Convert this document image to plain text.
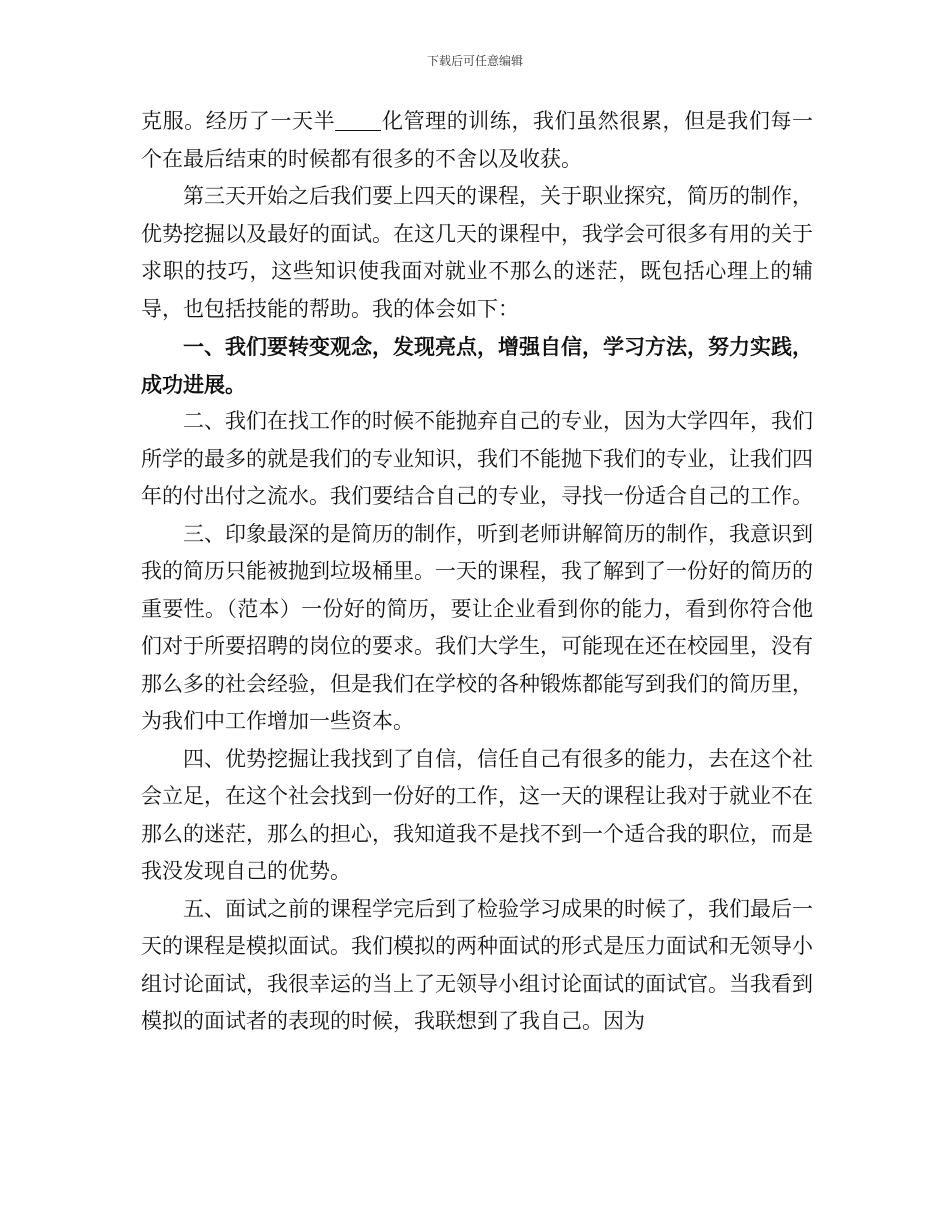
下载后可任意编辑

克服。经历了一天半 化管理的训练，我们虽然很累，但是我们每一个在最后结束的时候都有很多的不舍以及收获。

第三天开始之后我们要上四天的课程，关于职业探究，简历的制作，优势挖掘以及最好的面试。在这几天的课程中，我学会可很多有用的关于求职的技巧，这些知识使我面对就业不那么的迷茫，既包括心理上的辅导，也包括技能的帮助。我的体会如下：

一、我们要转变观念，发现亮点，增强自信，学习方法，努力实践，成功进展。

二、我们在找工作的时候不能抛弃自己的专业，因为大学四年，我们所学的最多的就是我们的专业知识，我们不能抛下我们的专业，让我们四年的付出付之流水。我们要结合自己的专业，寻找一份适合自己的工作。

三、印象最深的是简历的制作，听到老师讲解简历的制作，我意识到我的简历只能被抛到垃圾桶里。一天的课程，我了解到了一份好的简历的重要性。（范本）一份好的简历，要让企业看到你的能力，看到你符合他们对于所要招聘的岗位的要求。我们大学生，可能现在还在校园里，没有那么多的社会经验，但是我们在学校的各种锻炼都能写到我们的简历里，为我们中工作增加一些资本。

四、优势挖掘让我找到了自信，信任自己有很多的能力，去在这个社会立足，在这个社会找到一份好的工作，这一天的课程让我对于就业不在那么的迷茫，那么的担心，我知道我不是找不到一个适合我的职位，而是我没发现自己的优势。

五、面试之前的课程学完后到了检验学习成果的时候了，我们最后一天的课程是模拟面试。我们模拟的两种面试的形式是压力面试和无领导小组讨论面试，我很幸运的当上了无领导小组讨论面试的面试官。当我看到模拟的面试者的表现的时候，我联想到了我自己。因为
